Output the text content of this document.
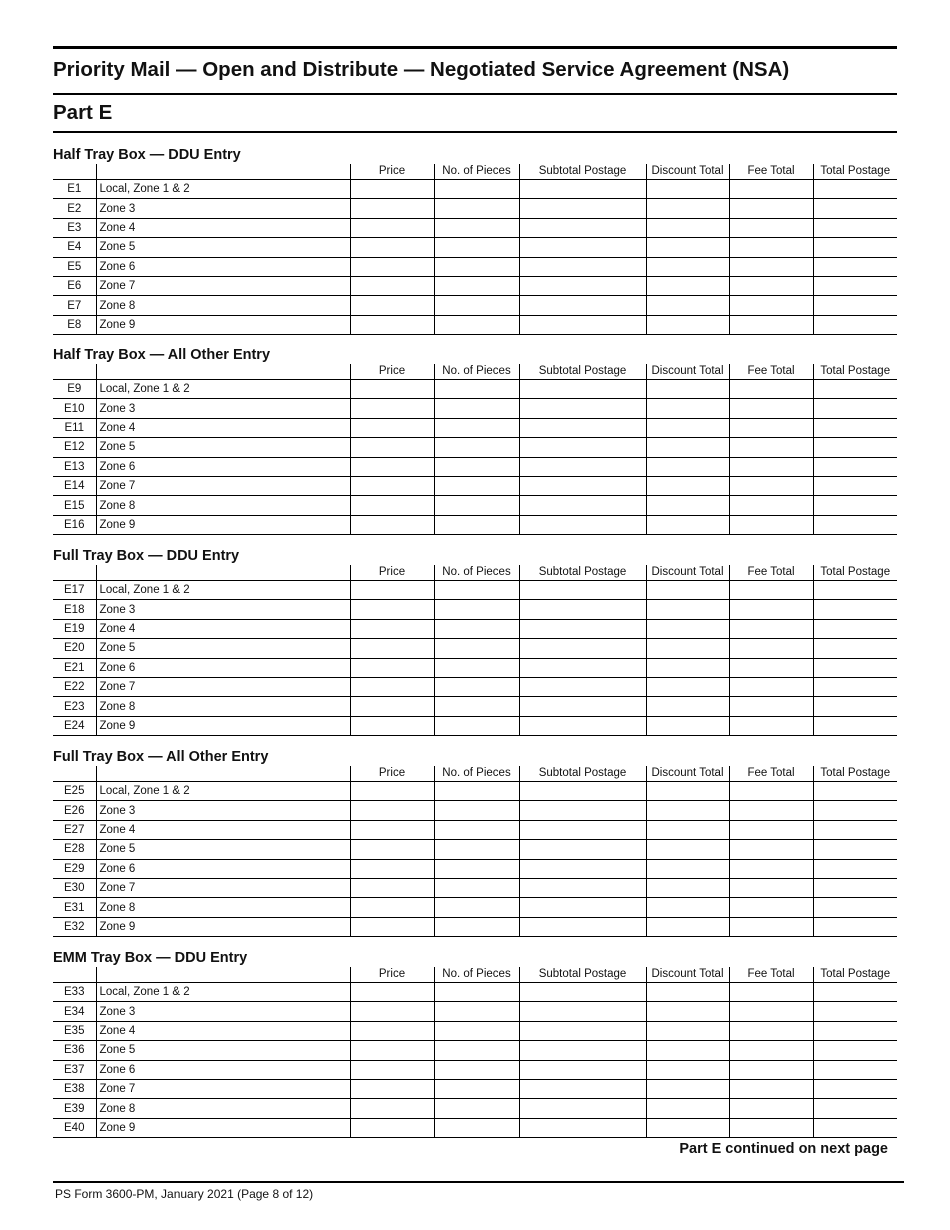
Priority Mail — Open and Distribute — Negotiated Service Agreement (NSA)
Part E
Half Tray Box — DDU Entry
		Price	No. of Pieces	Subtotal Postage	Discount Total	Fee Total	Total Postage
E1	Local, Zone 1 & 2						
E2	Zone 3						
E3	Zone 4						
E4	Zone 5						
E5	Zone 6						
E6	Zone 7						
E7	Zone 8						
E8	Zone 9						
Half Tray Box — All Other Entry
		Price	No. of Pieces	Subtotal Postage	Discount Total	Fee Total	Total Postage
E9	Local, Zone 1 & 2						
E10	Zone 3						
E11	Zone 4						
E12	Zone 5						
E13	Zone 6						
E14	Zone 7						
E15	Zone 8						
E16	Zone 9						
Full Tray Box — DDU Entry
		Price	No. of Pieces	Subtotal Postage	Discount Total	Fee Total	Total Postage
E17	Local, Zone 1 & 2						
E18	Zone 3						
E19	Zone 4						
E20	Zone 5						
E21	Zone 6						
E22	Zone 7						
E23	Zone 8						
E24	Zone 9						
Full Tray Box — All Other Entry
		Price	No. of Pieces	Subtotal Postage	Discount Total	Fee Total	Total Postage
E25	Local, Zone 1 & 2						
E26	Zone 3						
E27	Zone 4						
E28	Zone 5						
E29	Zone 6						
E30	Zone 7						
E31	Zone 8						
E32	Zone 9						
EMM Tray Box — DDU Entry
		Price	No. of Pieces	Subtotal Postage	Discount Total	Fee Total	Total Postage
E33	Local, Zone 1 & 2						
E34	Zone 3						
E35	Zone 4						
E36	Zone 5						
E37	Zone 6						
E38	Zone 7						
E39	Zone 8						
E40	Zone 9						
Part E continued on next page
PS Form 3600-PM, January 2021 (Page 8 of 12)
